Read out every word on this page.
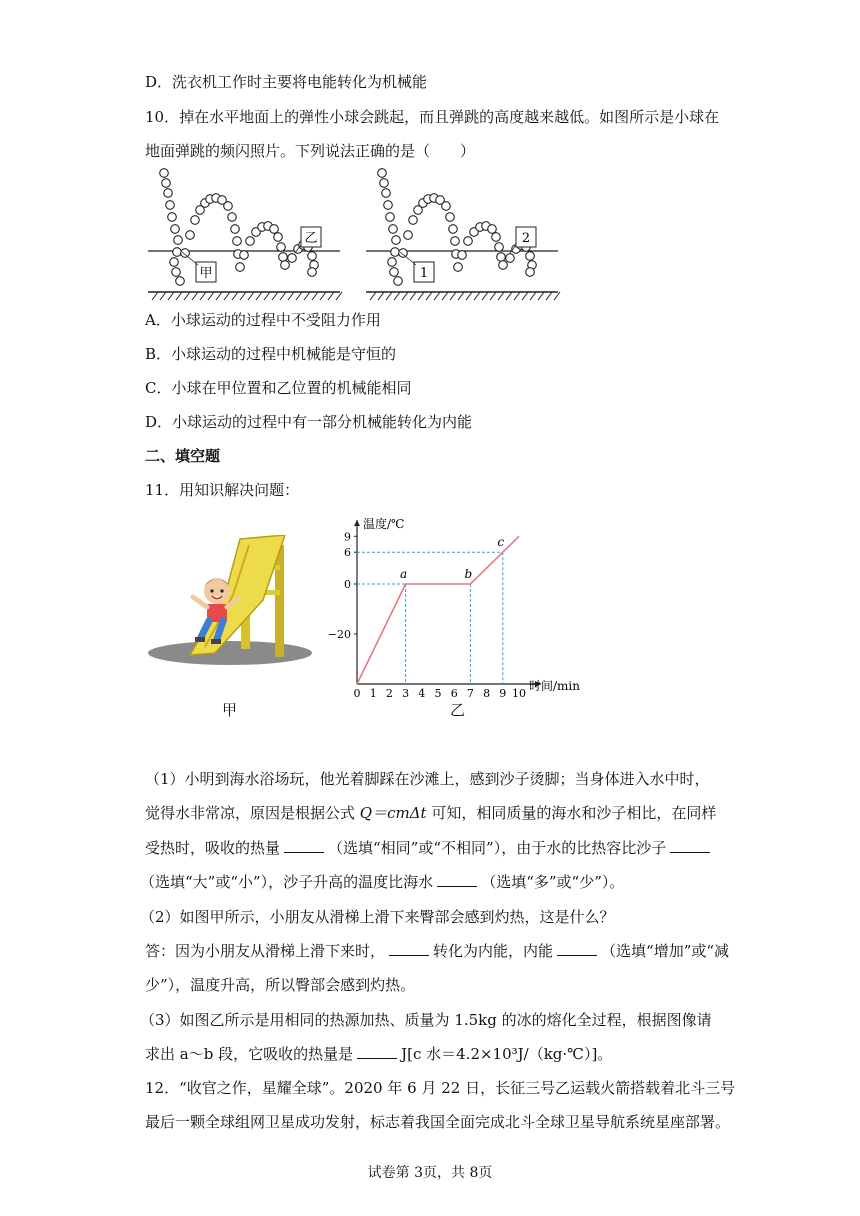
D．洗衣机工作时主要将电能转化为机械能
10．掉在水平地面上的弹性小球会跳起，而且弹跳的高度越来越低。如图所示是小球在
地面弹跳的频闪照片。下列说法正确的是（　　）
甲
乙
1
2
A．小球运动的过程中不受阻力作用
B．小球运动的过程中机械能是守恒的
C．小球在甲位置和乙位置的机械能相同
D．小球运动的过程中有一部分机械能转化为内能
二、填空题
11．用知识解决问题：
甲
温度/℃
时间/min
0 1 2 3 4 5 6 7 8 9 10
−20
0
6
9
a	b
c
乙
（1）小明到海水浴场玩，他光着脚踩在沙滩上，感到沙子烫脚；当身体进入水中时，
觉得水非常凉，原因是根据公式 Q＝cmΔt 可知，相同质量的海水和沙子相比，在同样
受热时，吸收的热量	（选填“相同”或“不相同”），由于水的比热容比沙子
（选填“大”或“小”），沙子升高的温度比海水	（选填“多”或“少”）。
（2）如图甲所示，小朋友从滑梯上滑下来臀部会感到灼热，这是什么？
答：因为小朋友从滑梯上滑下来时，	转化为内能，内能	（选填“增加”或“减
少”），温度升高，所以臀部会感到灼热。
（3）如图乙所示是用相同的热源加热、质量为 1.5kg 的冰的熔化全过程，根据图像请
求出 a～b 段，它吸收的热量是	J[c 水＝4.2×10³J/（kg·℃）]。
12．“收官之作，星耀全球”。2020 年 6 月 22 日，长征三号乙运载火箭搭载着北斗三号
最后一颗全球组网卫星成功发射，标志着我国全面完成北斗全球卫星导航系统星座部署。
试卷第 3页，共 8页
